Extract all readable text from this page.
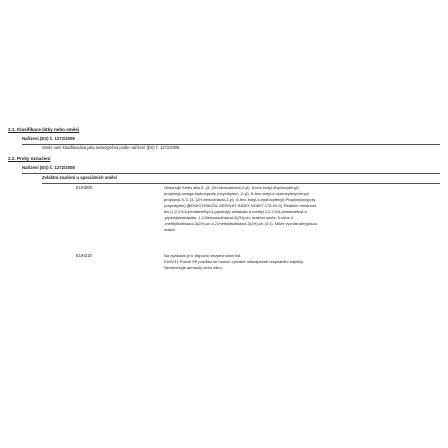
2.1. Klasifikace látky nebo směsi
Nařízení (ES) č. 1272/2008
Směs není klasifikována jako nebezpečná podle nařízení (ES) č. 1272/2008.
2.2. Prvky označení
Nařízení (ES) č. 1272/2008
Zvláštní značení u speciálních směsí
EUH208	Obsahuje Směs alfa-3- (3- (2H-benzotriazol-2-yl) -5-terc-butyl-4hydroxyfenyl)
propionyl-omega-hydroxypoly (oxyethylen) -2-yl) -5-terc-butyl-4-hydroxyfenyl-fenyl)
propionyl-X-3- (3- (2H-benzotriazol-2-yl) -5-terc-butyl-4-hydroxyfenyl) Propionyloxypoly
(oxyethylen) [BENZOTRIAZOL-DERIVÁT INDEX NO607-176-00-3]. Reakční hmotnost
bis (1,2,2,6,6-pentamethyl-4-piperidyl) sebakátu a methyl 1,2,2,6,6-pentamethyl-4
-piperidylsebakátu, 1,2-Benzoisothiazol-3(2H)-on, reakční směs: 5-chlor-2
-methylisothiazol-3(2H)-on a 2-methylisothiazol-3(2H)-on (3:1). Může vyvolat alergickou
reakci.
EUH210	Na vyžádání je k dispozici bezpečnostní list.
EUH211 Pozor! Při postřiku se mohou vytvářet nebezpečné respirabilní kapičky.
Nevdechujte aerosoly nebo mlhu.
